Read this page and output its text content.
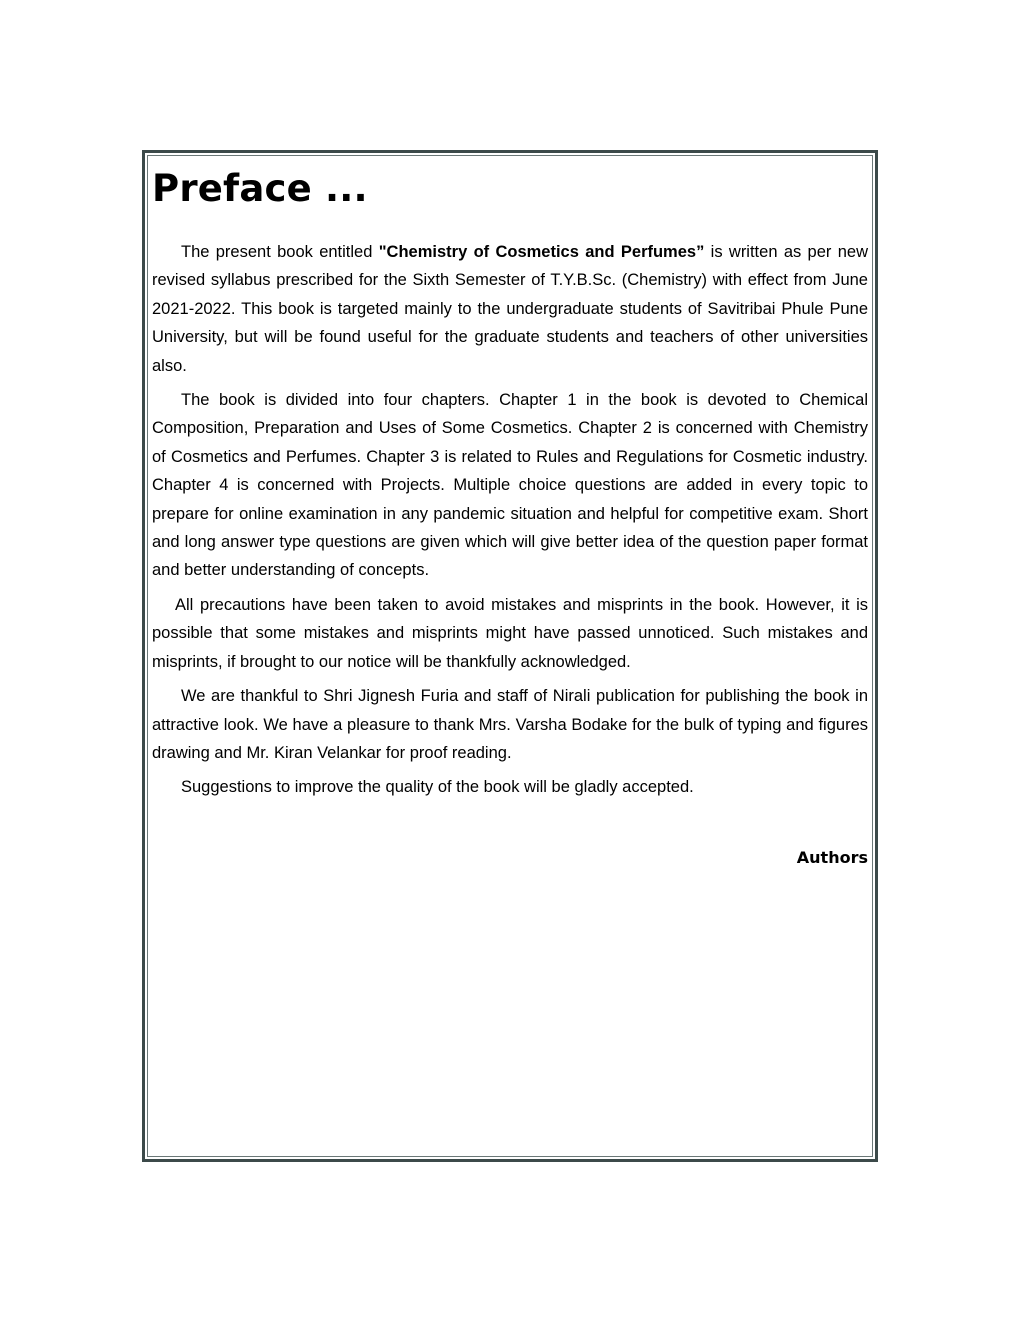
Preface ...

The present book entitled "Chemistry of Cosmetics and Perfumes” is written as per new revised syllabus prescribed for the Sixth Semester of T.Y.B.Sc. (Chemistry) with effect from June 2021-2022. This book is targeted mainly to the undergraduate students of Savitribai Phule Pune University, but will be found useful for the graduate students and teachers of other universities also.

The book is divided into four chapters. Chapter 1 in the book is devoted to Chemical Composition, Preparation and Uses of Some Cosmetics. Chapter 2 is concerned with Chemistry of Cosmetics and Perfumes. Chapter 3 is related to Rules and Regulations for Cosmetic industry. Chapter 4 is concerned with Projects. Multiple choice questions are added in every topic to prepare for online examination in any pandemic situation and helpful for competitive exam. Short and long answer type questions are given which will give better idea of the question paper format and better understanding of concepts.

All precautions have been taken to avoid mistakes and misprints in the book. However, it is possible that some mistakes and misprints might have passed unnoticed. Such mistakes and misprints, if brought to our notice will be thankfully acknowledged.

We are thankful to Shri Jignesh Furia and staff of Nirali publication for publishing the book in attractive look. We have a pleasure to thank Mrs. Varsha Bodake for the bulk of typing and figures drawing and Mr. Kiran Velankar for proof reading.

Suggestions to improve the quality of the book will be gladly accepted.

Authors
